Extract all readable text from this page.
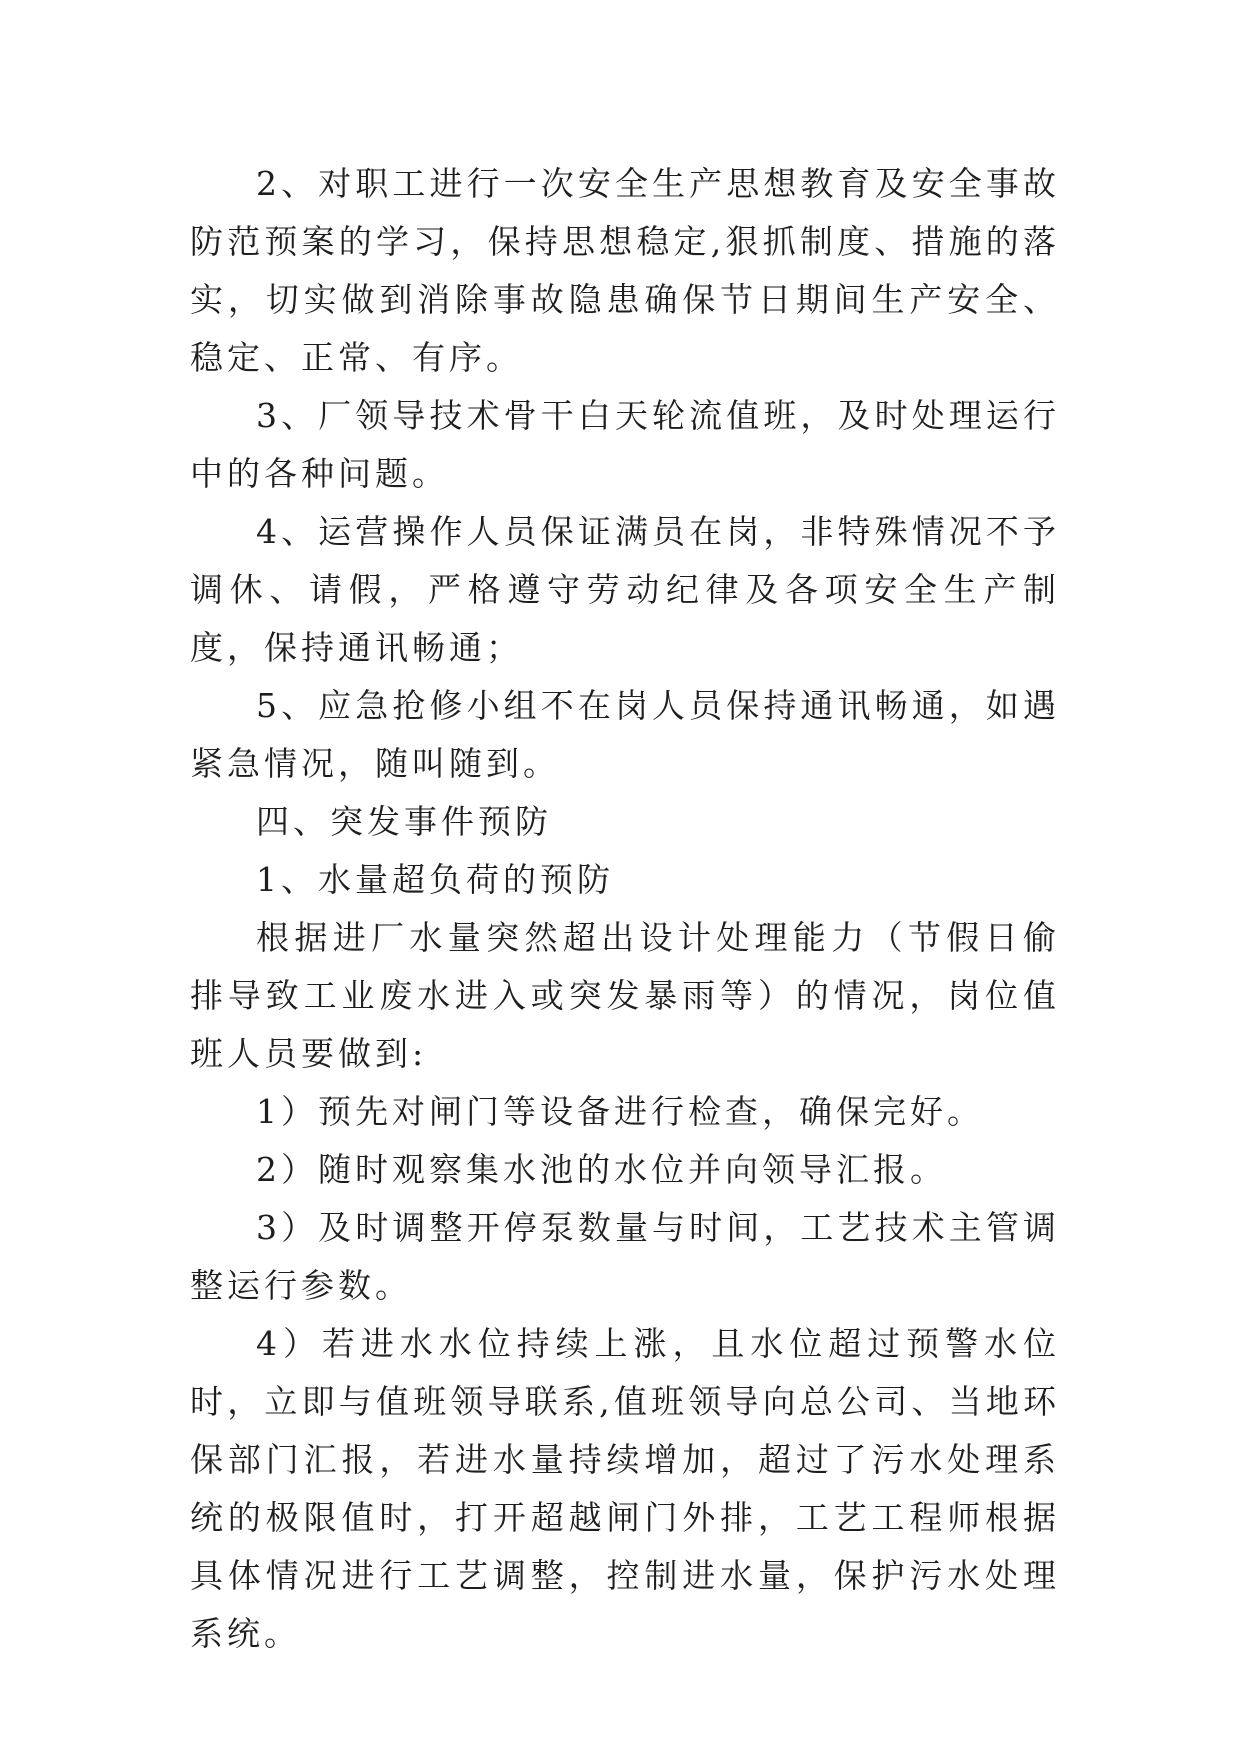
2、对职工进行一次安全生产思想教育及安全事故防范预案的学习，保持思想稳定,狠抓制度、措施的落实，切实做到消除事故隐患确保节日期间生产安全、稳定、正常、有序。

3、厂领导技术骨干白天轮流值班，及时处理运行中的各种问题。

4、运营操作人员保证满员在岗，非特殊情况不予调休、请假，严格遵守劳动纪律及各项安全生产制度，保持通讯畅通；

5、应急抢修小组不在岗人员保持通讯畅通，如遇紧急情况，随叫随到。

四、突发事件预防

1、水量超负荷的预防

根据进厂水量突然超出设计处理能力（节假日偷排导致工业废水进入或突发暴雨等）的情况，岗位值班人员要做到:

1）预先对闸门等设备进行检查，确保完好。

2）随时观察集水池的水位并向领导汇报。

3）及时调整开停泵数量与时间，工艺技术主管调整运行参数。

4）若进水水位持续上涨，且水位超过预警水位时，立即与值班领导联系,值班领导向总公司、当地环保部门汇报，若进水量持续增加，超过了污水处理系统的极限值时，打开超越闸门外排，工艺工程师根据具体情况进行工艺调整，控制进水量，保护污水处理系统。
